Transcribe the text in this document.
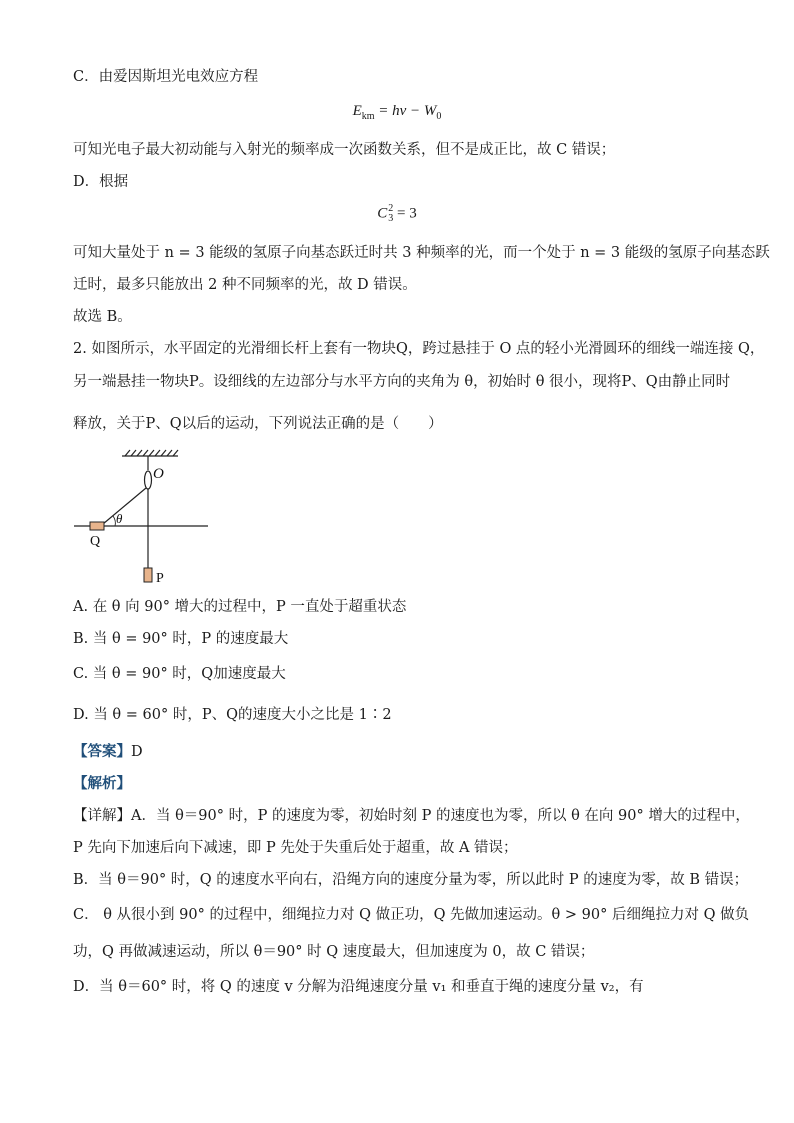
C．由爱因斯坦光电效应方程
$E_{km} = h\nu - W_0$
可知光电子最大初动能与入射光的频率成一次函数关系，但不是成正比，故 C 错误；
D．根据
C 2
3 = 3
可知大量处于 n = 3 能级的氢原子向基态跃迁时共 3 种频率的光，而一个处于 n = 3 能级的氢原子向基态跃
迁时，最多只能放出 2 种不同频率的光，故 D 错误。
故选 B。
2. 如图所示，水平固定的光滑细长杆上套有一物块Q，跨过悬挂于 O 点的轻小光滑圆环的细线一端连接 Q，
另一端悬挂一物块P。设细线的左边部分与水平方向的夹角为 θ，初始时 θ 很小，现将P、Q由静止同时
释放，关于P、Q以后的运动，下列说法正确的是（　　）
O
θ
Q
P
A. 在 θ 向 90° 增大的过程中，P 一直处于超重状态
B. 当 θ = 90° 时，P 的速度最大
C. 当 θ = 90° 时，Q加速度最大
D. 当 θ = 60° 时，P、Q的速度大小之比是 1∶2
【答案】D
【解析】
【详解】A．当 θ＝90° 时，P 的速度为零，初始时刻 P 的速度也为零，所以 θ 在向 90° 增大的过程中，
P 先向下加速后向下减速，即 P 先处于失重后处于超重，故 A 错误；
B．当 θ＝90° 时，Q 的速度水平向右，沿绳方向的速度分量为零，所以此时 P 的速度为零，故 B 错误；
C． θ 从很小到 90° 的过程中，细绳拉力对 Q 做正功，Q 先做加速运动。θ > 90° 后细绳拉力对 Q 做负
功，Q 再做减速运动，所以 θ＝90° 时 Q 速度最大，但加速度为 0，故 C 错误；
D．当 θ＝60° 时，将 Q 的速度 v 分解为沿绳速度分量 v₁ 和垂直于绳的速度分量 v₂，有
